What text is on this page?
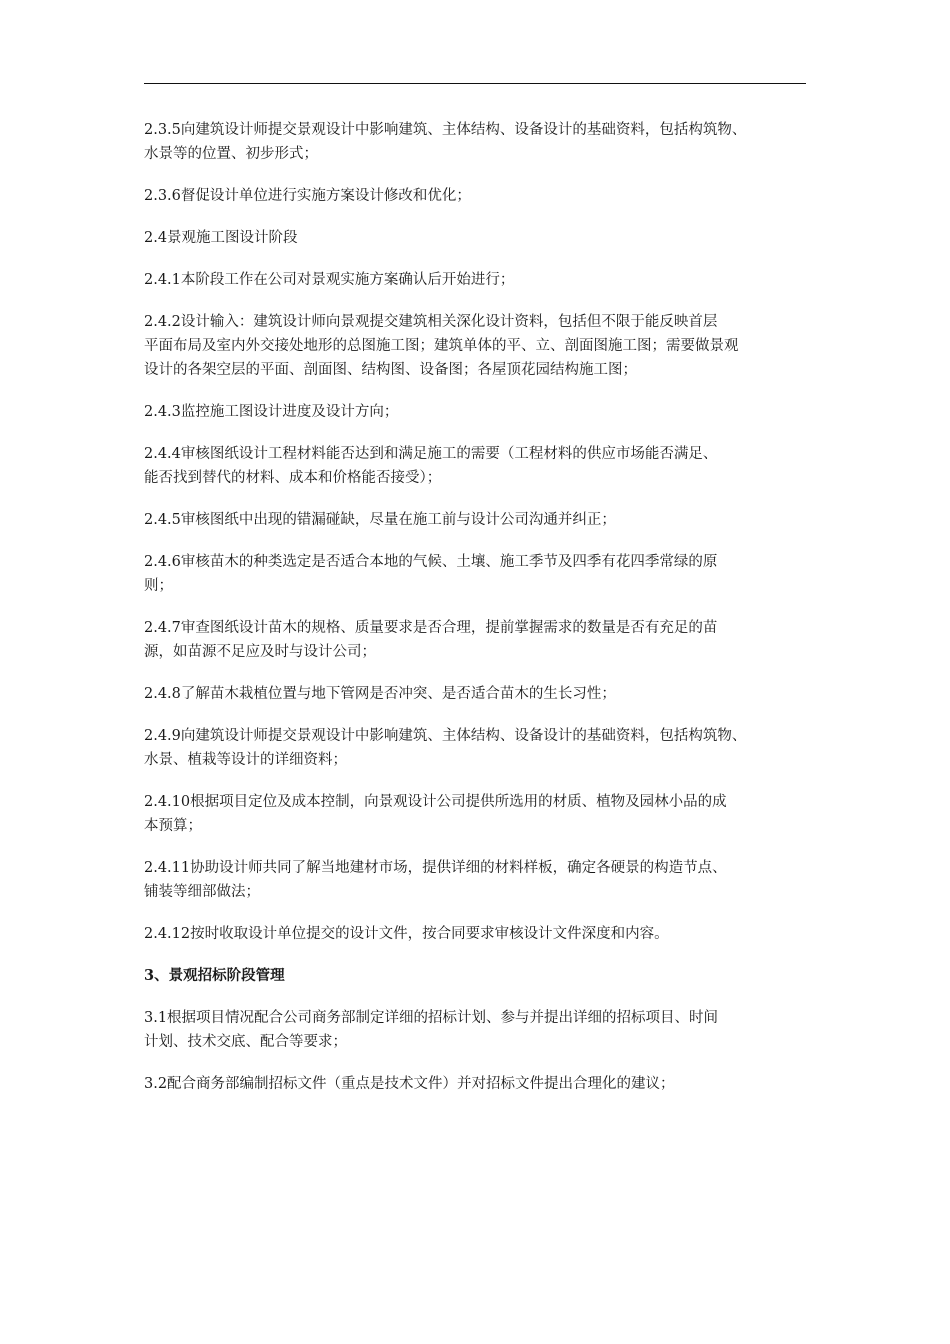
2.3.5向建筑设计师提交景观设计中影响建筑、主体结构、设备设计的基础资料，包括构筑物、
水景等的位置、初步形式；

2.3.6督促设计单位进行实施方案设计修改和优化；

2.4景观施工图设计阶段

2.4.1本阶段工作在公司对景观实施方案确认后开始进行；

2.4.2设计输入：建筑设计师向景观提交建筑相关深化设计资料，包括但不限于能反映首层
平面布局及室内外交接处地形的总图施工图；建筑单体的平、立、剖面图施工图；需要做景观
设计的各架空层的平面、剖面图、结构图、设备图；各屋顶花园结构施工图；

2.4.3监控施工图设计进度及设计方向；

2.4.4审核图纸设计工程材料能否达到和满足施工的需要（工程材料的供应市场能否满足、
能否找到替代的材料、成本和价格能否接受）；

2.4.5审核图纸中出现的错漏碰缺，尽量在施工前与设计公司沟通并纠正；

2.4.6审核苗木的种类选定是否适合本地的气候、土壤、施工季节及四季有花四季常绿的原
则；

2.4.7审查图纸设计苗木的规格、质量要求是否合理，提前掌握需求的数量是否有充足的苗
源，如苗源不足应及时与设计公司；

2.4.8了解苗木栽植位置与地下管网是否冲突、是否适合苗木的生长习性；

2.4.9向建筑设计师提交景观设计中影响建筑、主体结构、设备设计的基础资料，包括构筑物、
水景、植栽等设计的详细资料；

2.4.10根据项目定位及成本控制，向景观设计公司提供所选用的材质、植物及园林小品的成
本预算；

2.4.11协助设计师共同了解当地建材市场，提供详细的材料样板，确定各硬景的构造节点、
铺装等细部做法；

2.4.12按时收取设计单位提交的设计文件，按合同要求审核设计文件深度和内容。

3、景观招标阶段管理

3.1根据项目情况配合公司商务部制定详细的招标计划、参与并提出详细的招标项目、时间
计划、技术交底、配合等要求；

3.2配合商务部编制招标文件（重点是技术文件）并对招标文件提出合理化的建议；
